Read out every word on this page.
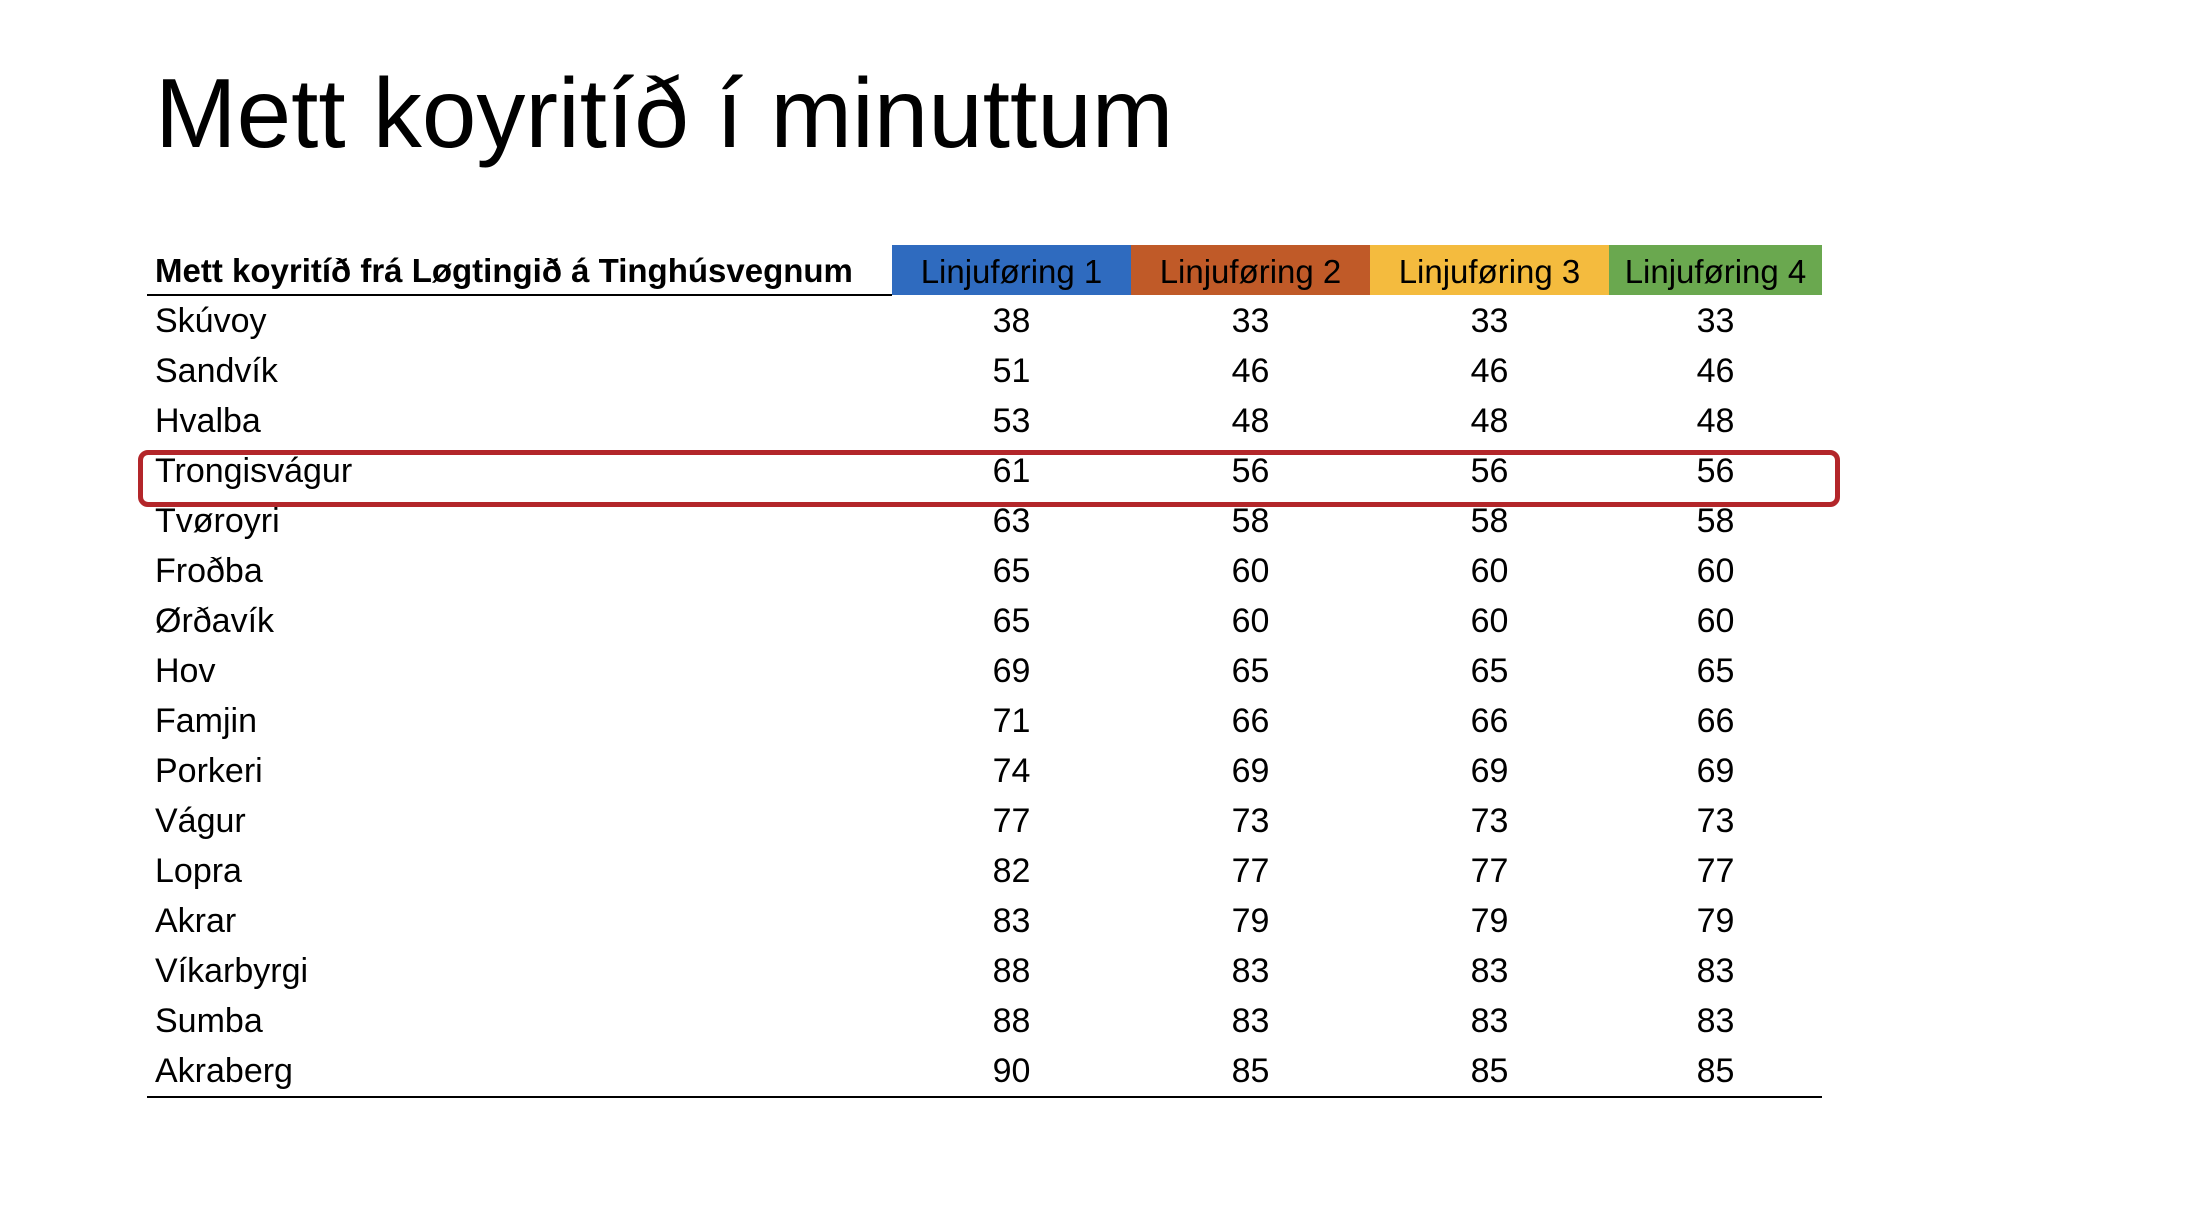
Mett koyritíð í minuttum
Mett koyritíð frá Løgtingið á Tinghúsvegnum	Linjuføring 1	Linjuføring 2	Linjuføring 3	Linjuføring 4
Skúvoy	38	33	33	33
Sandvík	51	46	46	46
Hvalba	53	48	48	48
Trongisvágur	61	56	56	56
Tvøroyri	63	58	58	58
Froðba	65	60	60	60
Ørðavík	65	60	60	60
Hov	69	65	65	65
Famjin	71	66	66	66
Porkeri	74	69	69	69
Vágur	77	73	73	73
Lopra	82	77	77	77
Akrar	83	79	79	79
Víkarbyrgi	88	83	83	83
Sumba	88	83	83	83
Akraberg	90	85	85	85
